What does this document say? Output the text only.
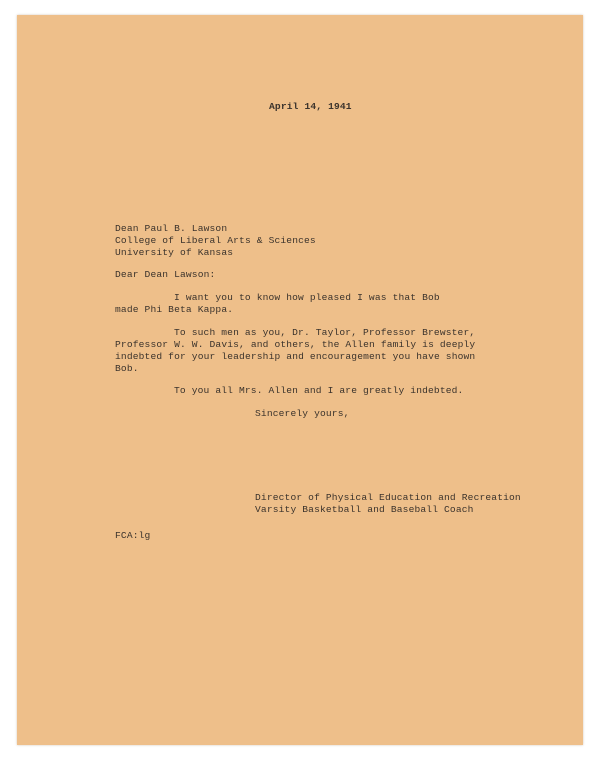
April 14, 1941
Dean Paul B. Lawson
College of Liberal Arts & Sciences
University of Kansas
Dear Dean Lawson:
I want you to know how pleased I was that Bob
made Phi Beta Kappa.
To such men as you, Dr. Taylor, Professor Brewster,
Professor W. W. Davis, and others, the Allen family is deeply
indebted for your leadership and encouragement you have shown
Bob.
To you all Mrs. Allen and I are greatly indebted.
Sincerely yours,
Director of Physical Education and Recreation
Varsity Basketball and Baseball Coach
FCA:lg
